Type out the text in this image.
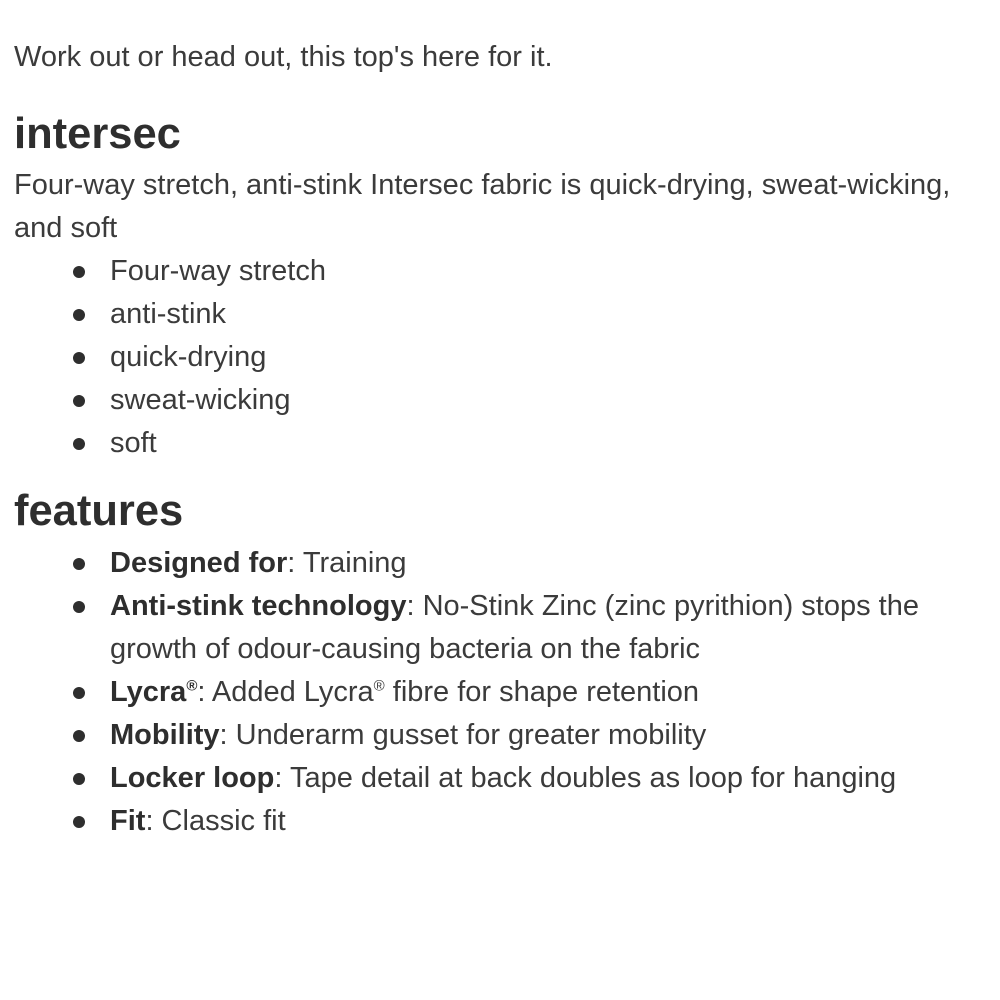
Work out or head out, this top's here for it.

intersec

Four-way stretch, anti-stink Intersec fabric is quick-drying, sweat-wicking, and soft

Four-way stretch
anti-stink
quick-drying
sweat-wicking
soft
features
Designed for: Training
Anti-stink technology: No-Stink Zinc (zinc pyrithion) stops the growth of odour-causing bacteria on the fabric
Lycra®: Added Lycra® fibre for shape retention
Mobility: Underarm gusset for greater mobility
Locker loop: Tape detail at back doubles as loop for hanging
Fit: Classic fit
